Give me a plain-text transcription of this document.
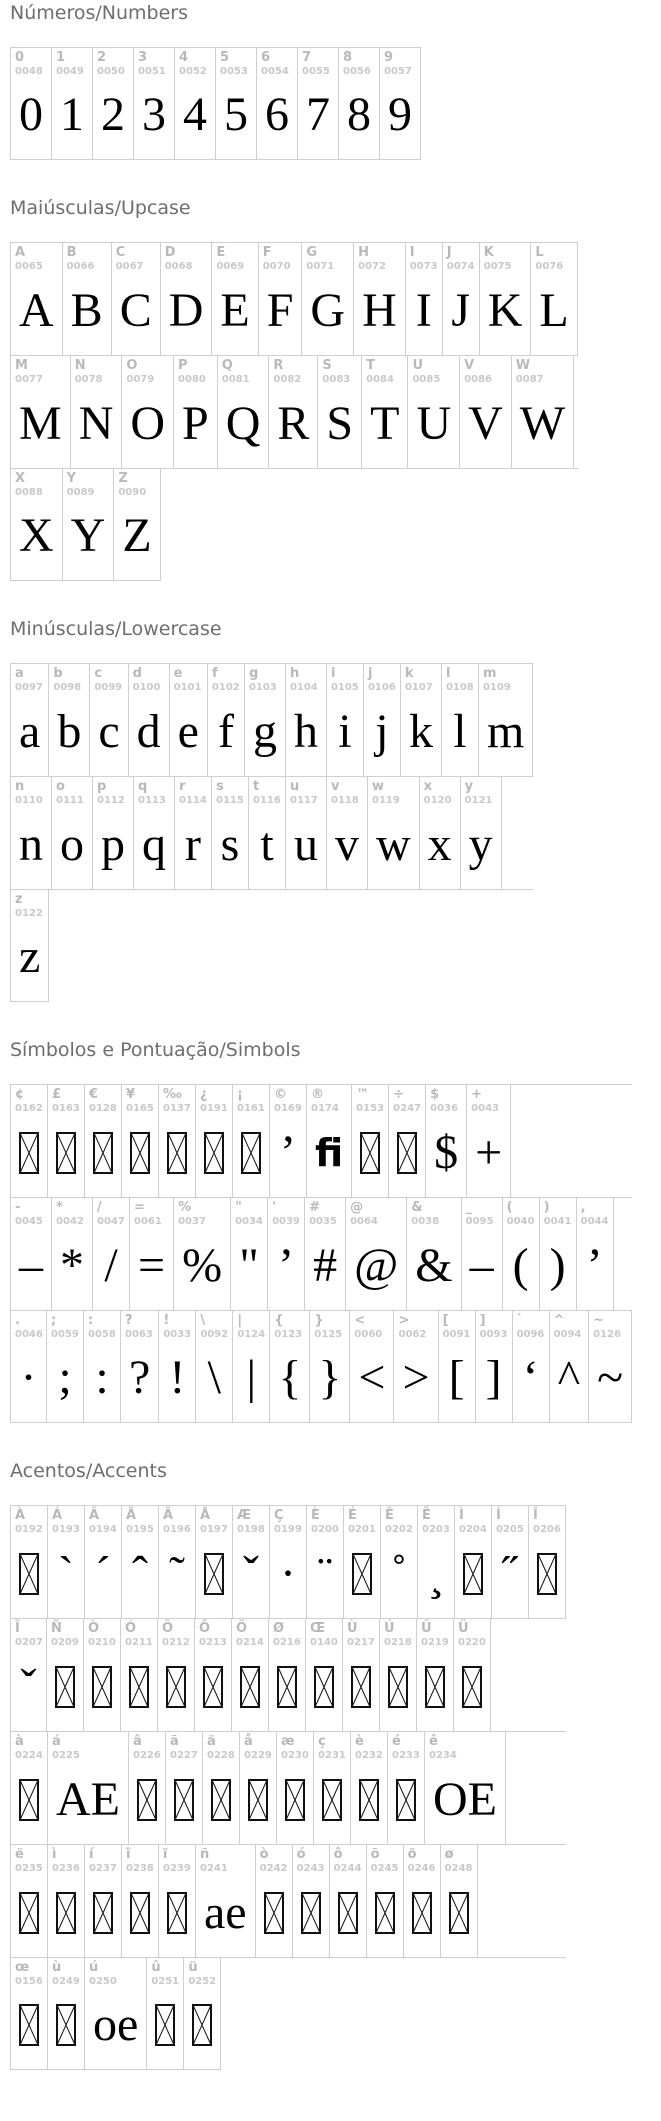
Números/Numbers
0
0048
0
1
0049
1
2
0050
2
3
0051
3
4
0052
4
5
0053
5
6
0054
6
7
0055
7
8
0056
8
9
0057
9
Maiúsculas/Upcase
A
0065
A
B
0066
B
C
0067
C
D
0068
D
E
0069
E
F
0070
F
G
0071
G
H
0072
H
I
0073
I
J
0074
J
K
0075
K
L
0076
L
M
0077
M
N
0078
N
O
0079
O
P
0080
P
Q
0081
Q
R
0082
R
S
0083
S
T
0084
T
U
0085
U
V
0086
V
W
0087
W
X
0088
X
Y
0089
Y
Z
0090
Z
Minúsculas/Lowercase
a
0097
a
b
0098
b
c
0099
c
d
0100
d
e
0101
e
f
0102
f
g
0103
g
h
0104
h
i
0105
i
j
0106
j
k
0107
k
l
0108
l
m
0109
m
n
0110
n
o
0111
o
p
0112
p
q
0113
q
r
0114
r
s
0115
s
t
0116
t
u
0117
u
v
0118
v
w
0119
w
x
0120
x
y
0121
y
z
0122
z
Símbolos e Pontuação/Simbols
¢
0162
£
0163
€
0128
¥
0165
‰
0137
¿
0191
¡
0161
©
0169
’
®
0174
fi
™
0153
÷
0247
$
0036
$
+
0043
+
-
0045
–
*
0042
*
/
0047
/
=
0061
=
%
0037
%
"
0034
"
'
0039
’
#
0035
#
@
0064
@
&
0038
&
_
0095
–
(
0040
(
)
0041
)
,
0044
’
.
0046
·
;
0059
;
:
0058
:
?
0063
?
!
0033
!
\
0092
\
|
0124
|
{
0123
{
}
0125
}
<
0060
<
>
0062
>
[
0091
[
]
0093
]
`
0096
‘
^
0094
^
~
0126
~
Acentos/Accents
À
0192
Á
0193
`
Â
0194
´
Ã
0195
ˆ
Ä
0196
˜
Å
0197
Æ
0198
ˇ
Ç
0199
·
È
0200
¨
É
0201
Ê
0202
˚
Ë
0203
¸
Ì
0204
Í
0205
˝
Î
0206
Ï
0207
ˇ
Ñ
0209
Ò
0210
Ó
0211
Ô
0212
Õ
0213
Ö
0214
Ø
0216
Œ
0140
Ù
0217
Ú
0218
Û
0219
Ü
0220
à
0224
á
0225
AE
â
0226
ã
0227
ä
0228
å
0229
æ
0230
ç
0231
è
0232
é
0233
ê
0234
OE
ë
0235
ì
0236
í
0237
î
0238
ï
0239
ñ
0241
ae
ò
0242
ó
0243
ô
0244
õ
0245
ö
0246
ø
0248
œ
0156
ù
0249
ú
0250
oe
û
0251
ü
0252
